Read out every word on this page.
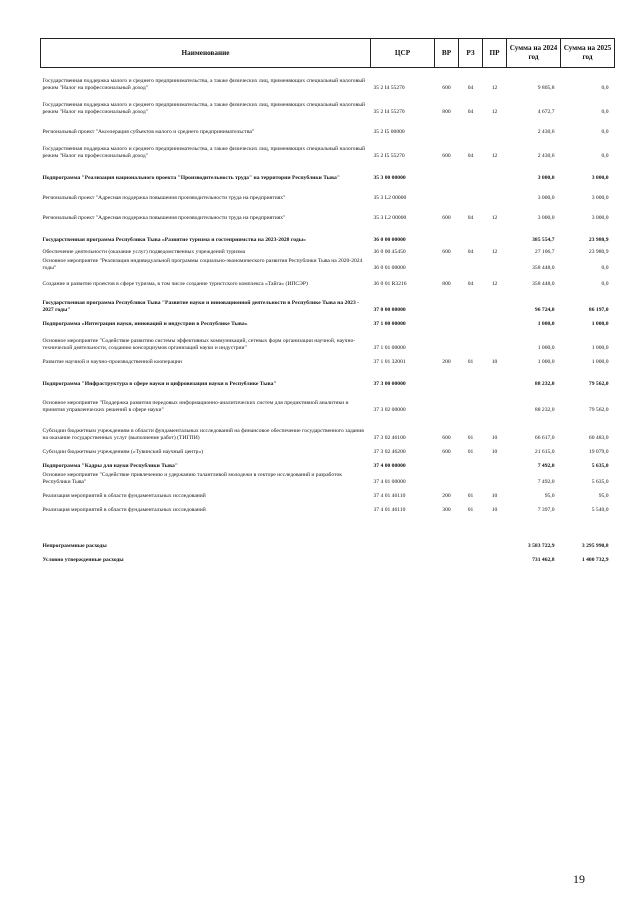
Наименование	ЦСР	ВР	РЗ	ПР	Сумма на 2024 год	Сумма на 2025 год
Государственная поддержка малого и среднего предпринимательства, а также физических лиц, применяющих специальный налоговый режим "Налог на профессиональный доход"	35 2 I4 55270	600	04	12	9 805,8	0,0
Государственная поддержка малого и среднего предпринимательства, а также физических лиц, применяющих специальный налоговый режим "Налог на профессиональный доход"	35 2 I4 55270	800	04	12	4 672,7	0,0
Региональный проект "Акселерация субъектов малого и среднего предпринимательства"	35 2 I5 00000				2 430,6	0,0
Государственная поддержка малого и среднего предпринимательства, а также физических лиц, применяющих специальный налоговый режим "Налог на профессиональный доход"	35 2 I5 55270	600	04	12	2 430,6	0,0
Подпрограмма "Реализация национального проекта "Производительность труда" на территории Республики Тыва"	35 3 00 00000				3 000,0	3 000,0
Региональный проект "Адресная поддержка повышения производительности труда на предприятиях"	35 3 L2 00000				3 000,0	3 000,0
Региональный проект "Адресная поддержка повышения производительности труда на предприятиях"	35 3 L2 00000	600	04	12	3 000,0	3 000,0
Государственная программа Республики Тыва «Развитие туризма и гостеприимства на 2023-2028 годы»	36 0 00 00000				385 554,7	23 980,9
Обеспечение деятельности (оказание услуг) подведомственных учреждений туризма	36 0 00 45450	600	04	12	27 106,7	23 980,9
Основное мероприятие "Реализация индивидуальной программы социально-экономического развития Республики Тыва на 2020-2024 годы"	36 0 01 00000				358 448,0	0,0
Создание и развитие проектов в сфере туризма, в том числе создание туристского комплекса «Тайга» (ИПСЭР)	36 0 01 R3216	800	04	12	358 448,0	0,0
Государственная программа Республики Тыва "Развитие науки и инновационной деятельности в Республике Тыва на 2023 - 2027 годы"	37 0 00 00000				96 724,0	86 197,0
Подпрограмма «Интеграция науки, инноваций и индустрии в Республике Тыва»	37 1 00 00000				1 000,0	1 000,0
Основное мероприятие "Содействие развитию системы эффективных коммуникаций, сетевых форм организации научной, научно-технической деятельности, созданию консорциумов организаций науки и индустрии"	37 1 01 00000				1 000,0	1 000,0
Развитие научной и научно-производственной кооперации	37 1 01 32001	200	01	10	1 000,0	1 000,0
Подпрограмма "Инфраструктура в сфере науки и цифровизация науки в Республике Тыва"	37 3 00 00000				88 232,0	79 562,0
Основное мероприятие "Поддержка развития передовых информационно-аналитических систем для предиктивной аналитики и принятия управленческих решений в сфере науки"	37 3 02 00000				88 232,0	79 562,0
Субсидии бюджетным учреждениям в области фундаментальных исследований на финансовое обеспечение государственного задания на оказание государственных услуг (выполнение работ) (ТИГПИ)	37 3 02 46100	600	01	10	66 617,0	60 483,0
Субсидии бюджетным учреждениям («Тувинский научный центр»)	37 3 02 46200	600	01	10	21 615,0	19 079,0
Подпрограмма "Кадры для науки Республики Тыва"	37 4 00 00000				7 492,0	5 635,0
Основное мероприятие "Содействие привлечению и удержанию талантливой молодежи в секторе исследований и разработок Республики Тыва"	37 4 01 00000				7 492,0	5 635,0
Реализация мероприятий в области фундаментальных исследований	37 4 01 46110	200	01	10	95,0	95,0
Реализация мероприятий в области фундаментальных исследований	37 4 01 46110	300	01	10	7 397,0	5 540,0

Непрограммные расходы					3 583 722,9	3 295 990,8
Условно утвержденные расходы					731 462,8	1 400 732,9
19
